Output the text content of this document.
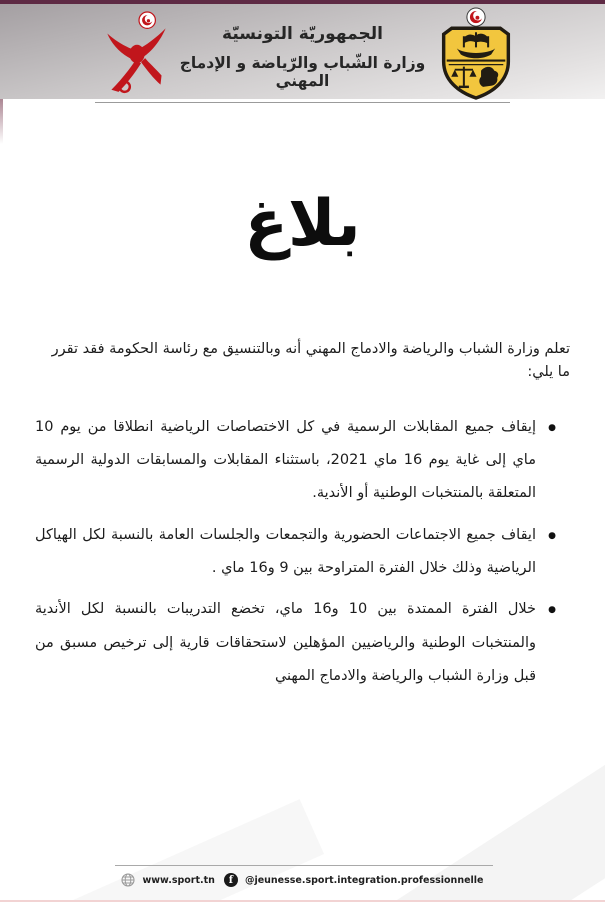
الجمهوريّة التونسيّة
وزارة الشّباب والرّياضة و الإدماج المهني
بلاغ

تعلم وزارة الشباب والرياضة والادماج المهني أنه وبالتنسيق مع رئاسة الحكومة فقد تقرر ما يلي:

● إيقاف جميع المقابلات الرسمية في كل الاختصاصات الرياضية انطلاقا من يوم 10 ماي إلى غاية يوم 16 ماي 2021، باستثناء المقابلات والمسابقات الدولية الرسمية المتعلقة بالمنتخبات الوطنية أو الأندية.
● ايقاف جميع الاجتماعات الحضورية والتجمعات والجلسات العامة بالنسبة لكل الهياكل الرياضية وذلك خلال الفترة المتراوحة بين 9 و16 ماي .
● خلال الفترة الممتدة بين 10 و16 ماي، تخضع التدريبات بالنسبة لكل الأندية والمنتخبات الوطنية والرياضيين المؤهلين لاستحقاقات قارية إلى ترخيص مسبق من قبل وزارة الشباب والرياضة والادماج المهني
www.sport.tn	f	@jeunesse.sport.integration.professionnelle
